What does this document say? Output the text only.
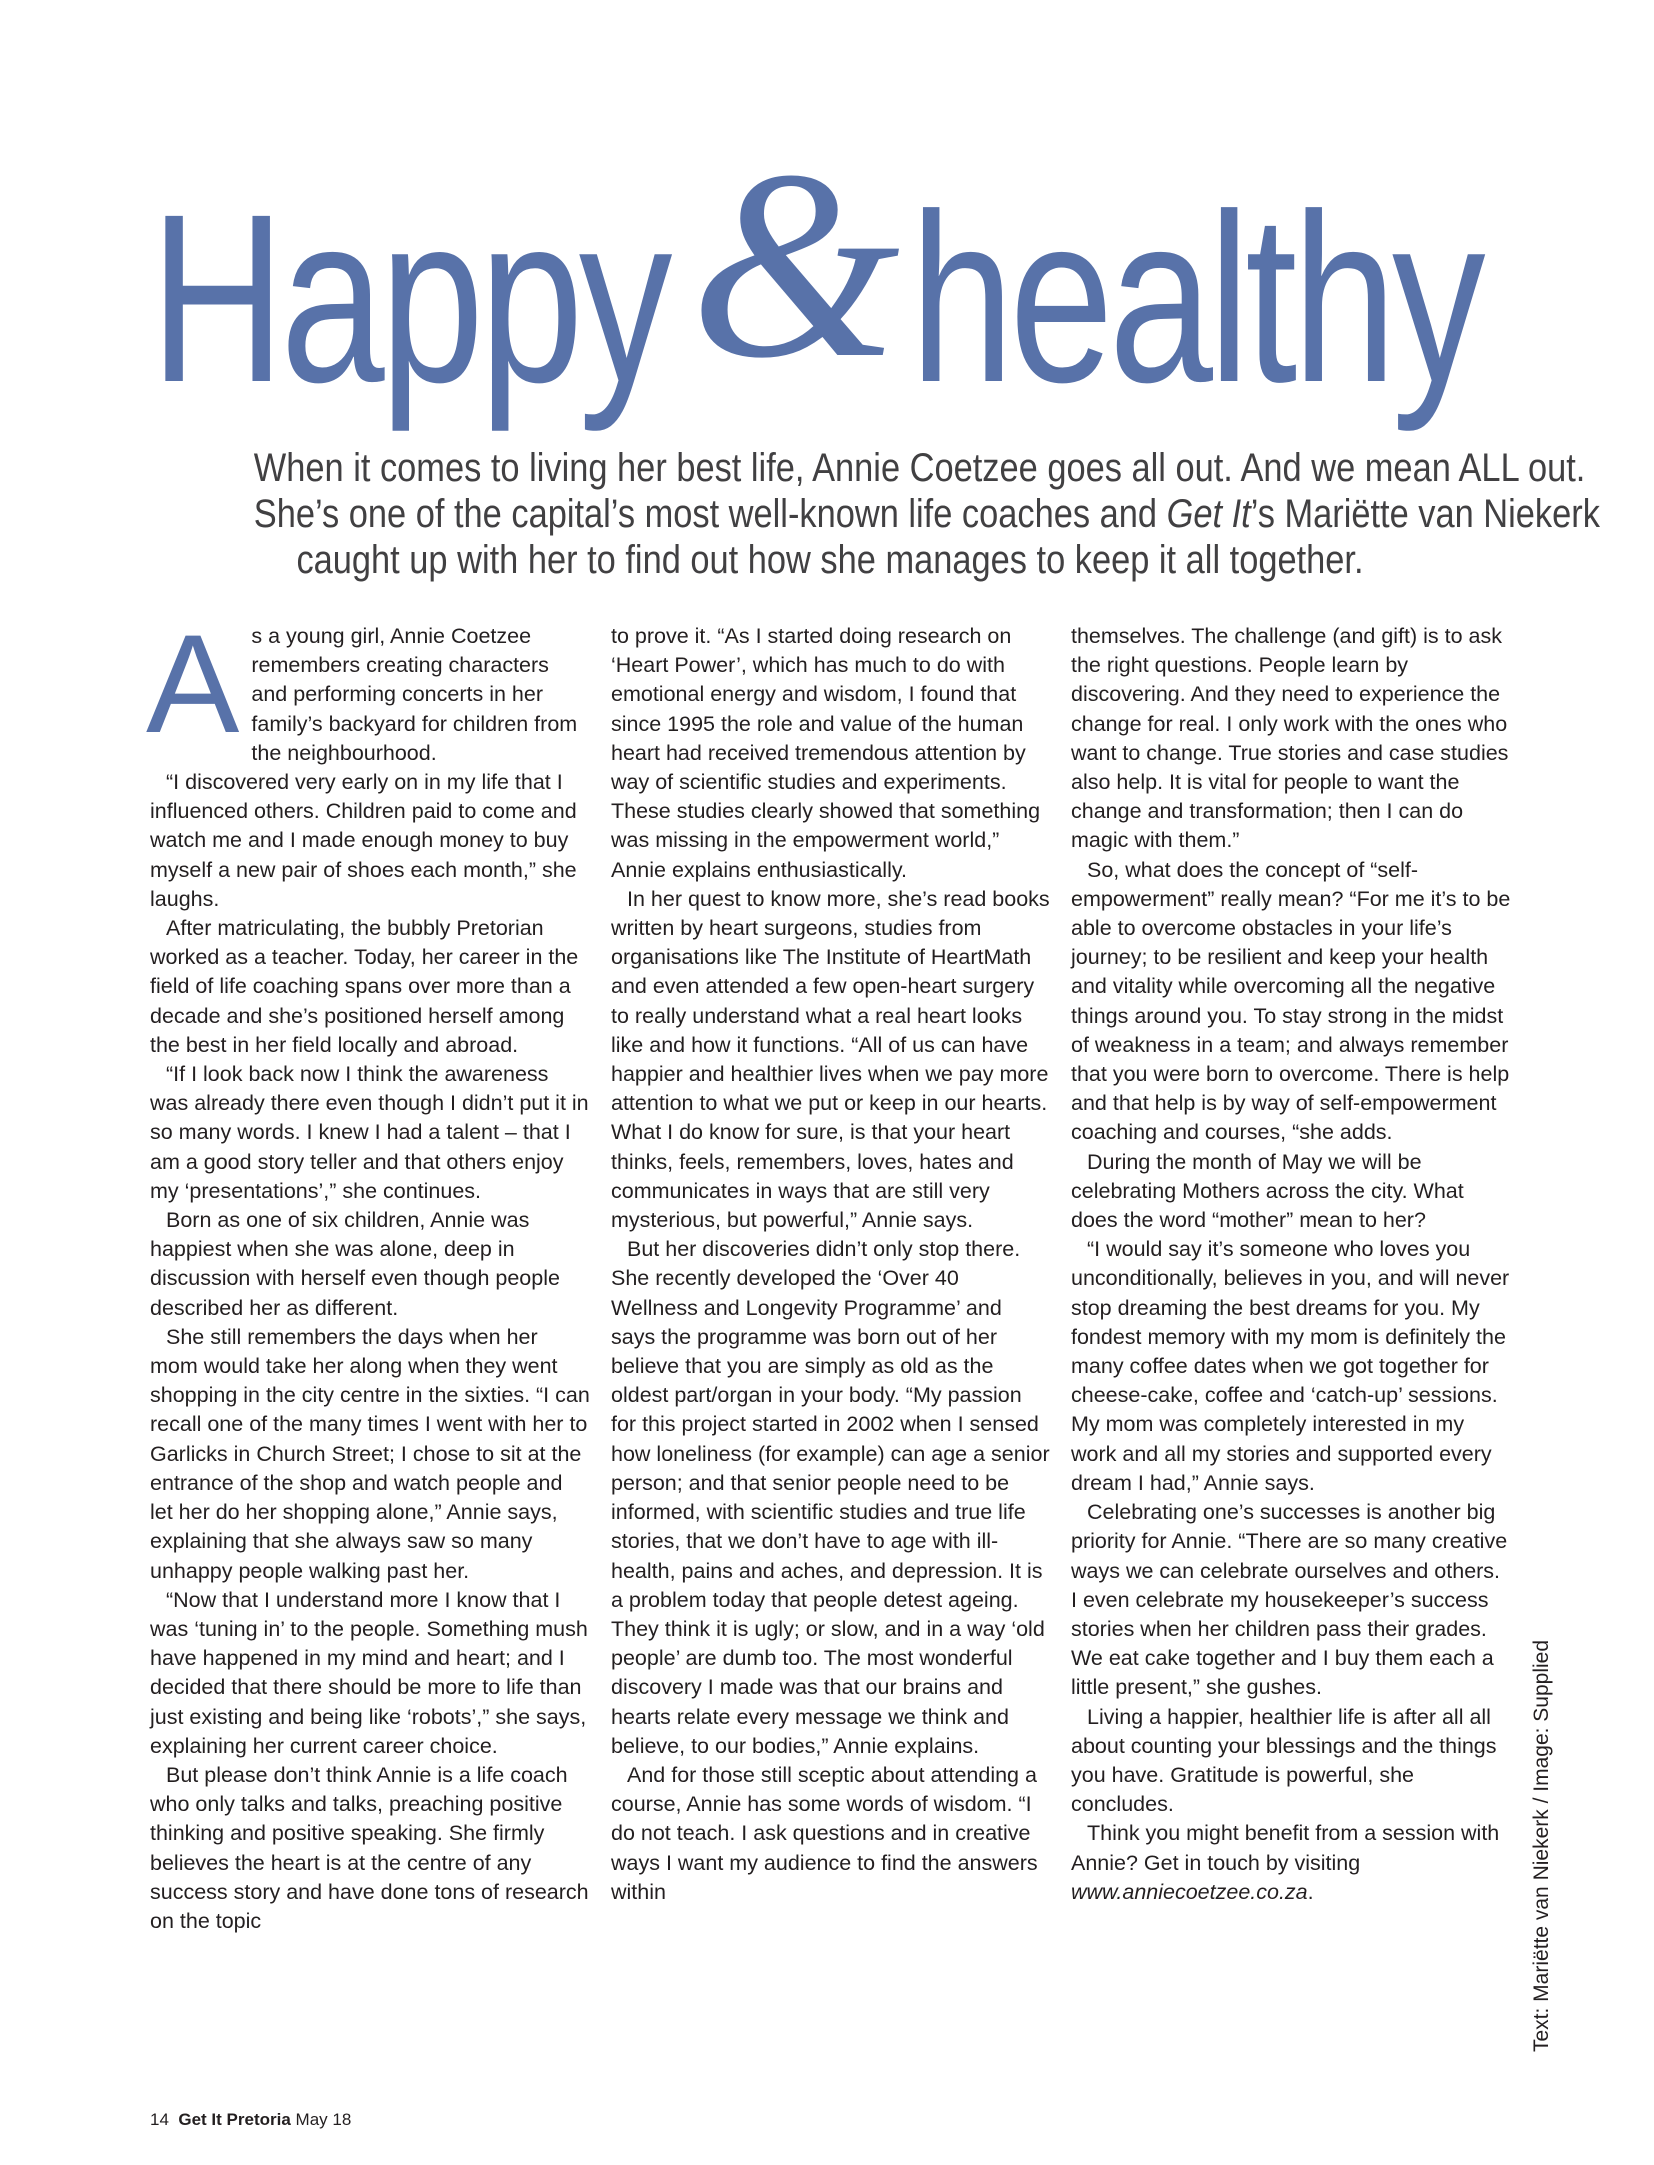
Happy & healthy
When it comes to living her best life, Annie Coetzee goes all out. And we mean ALL out.
She’s one of the capital’s most well-known life coaches and Get It’s Mariëtte van Niekerk
caught up with her to find out how she manages to keep it all together.
A s a young girl, Annie Coetzee remembers creating characters and performing concerts in her family’s backyard for children from the neighbourhood.

“I discovered very early on in my life that I influenced others. Children paid to come and watch me and I made enough money to buy myself a new pair of shoes each month,” she laughs.

After matriculating, the bubbly Pretorian worked as a teacher. Today, her career in the field of life coaching spans over more than a decade and she’s positioned herself among the best in her field locally and abroad.

“If I look back now I think the awareness was already there even though I didn’t put it in so many words. I knew I had a talent – that I am a good story teller and that others enjoy my ‘presentations’,” she continues.

Born as one of six children, Annie was happiest when she was alone, deep in discussion with herself even though people described her as different.

She still remembers the days when her mom would take her along when they went shopping in the city centre in the sixties. “I can recall one of the many times I went with her to Garlicks in Church Street; I chose to sit at the entrance of the shop and watch people and let her do her shopping alone,” Annie says, explaining that she always saw so many unhappy people walking past her.

“Now that I understand more I know that I was ‘tuning in’ to the people. Something mush have happened in my mind and heart; and I decided that there should be more to life than just existing and being like ‘robots’,” she says, explaining her current career choice.

But please don’t think Annie is a life coach who only talks and talks, preaching positive thinking and positive speaking. She firmly believes the heart is at the centre of any success story and have done tons of research on the topic

to prove it. “As I started doing research on ‘Heart Power’, which has much to do with emotional energy and wisdom, I found that since 1995 the role and value of the human heart had received tremendous attention by way of scientific studies and experiments. These studies clearly showed that something was missing in the empowerment world,” Annie explains enthusiastically.

In her quest to know more, she’s read books written by heart surgeons, studies from organisations like The Institute of HeartMath and even attended a few open-heart surgery to really understand what a real heart looks like and how it functions. “All of us can have happier and healthier lives when we pay more attention to what we put or keep in our hearts. What I do know for sure, is that your heart thinks, feels, remembers, loves, hates and communicates in ways that are still very mysterious, but powerful,” Annie says.

But her discoveries didn’t only stop there. She recently developed the ‘Over 40 Wellness and Longevity Programme’ and says the programme was born out of her believe that you are simply as old as the oldest part/organ in your body. “My passion for this project started in 2002 when I sensed how loneliness (for example) can age a senior person; and that senior people need to be informed, with scientific studies and true life stories, that we don’t have to age with ill-health, pains and aches, and depression. It is a problem today that people detest ageing. They think it is ugly; or slow, and in a way ‘old people’ are dumb too. The most wonderful discovery I made was that our brains and hearts relate every message we think and believe, to our bodies,” Annie explains.

And for those still sceptic about attending a course, Annie has some words of wisdom. “I do not teach. I ask questions and in creative ways I want my audience to find the answers within

themselves. The challenge (and gift) is to ask the right questions. People learn by discovering. And they need to experience the change for real. I only work with the ones who want to change. True stories and case studies also help. It is vital for people to want the change and transformation; then I can do magic with them.”

So, what does the concept of “self-empowerment” really mean? “For me it’s to be able to overcome obstacles in your life’s journey; to be resilient and keep your health and vitality while overcoming all the negative things around you. To stay strong in the midst of weakness in a team; and always remember that you were born to overcome. There is help and that help is by way of self-empowerment coaching and courses, “she adds.

During the month of May we will be celebrating Mothers across the city. What does the word “mother” mean to her?

“I would say it’s someone who loves you unconditionally, believes in you, and will never stop dreaming the best dreams for you. My fondest memory with my mom is definitely the many coffee dates when we got together for cheese-cake, coffee and ‘catch-up’ sessions. My mom was completely interested in my work and all my stories and supported every dream I had,” Annie says.

Celebrating one’s successes is another big priority for Annie. “There are so many creative ways we can celebrate ourselves and others. I even celebrate my housekeeper’s success stories when her children pass their grades. We eat cake together and I buy them each a little present,” she gushes.

Living a happier, healthier life is after all all about counting your blessings and the things you have. Gratitude is powerful, she concludes.

Think you might benefit from a session with Annie? Get in touch by visiting www.anniecoetzee.co.za.	Text: Mariëtte van Niekerk / Image: Supplied
14 Get It Pretoria May 18
